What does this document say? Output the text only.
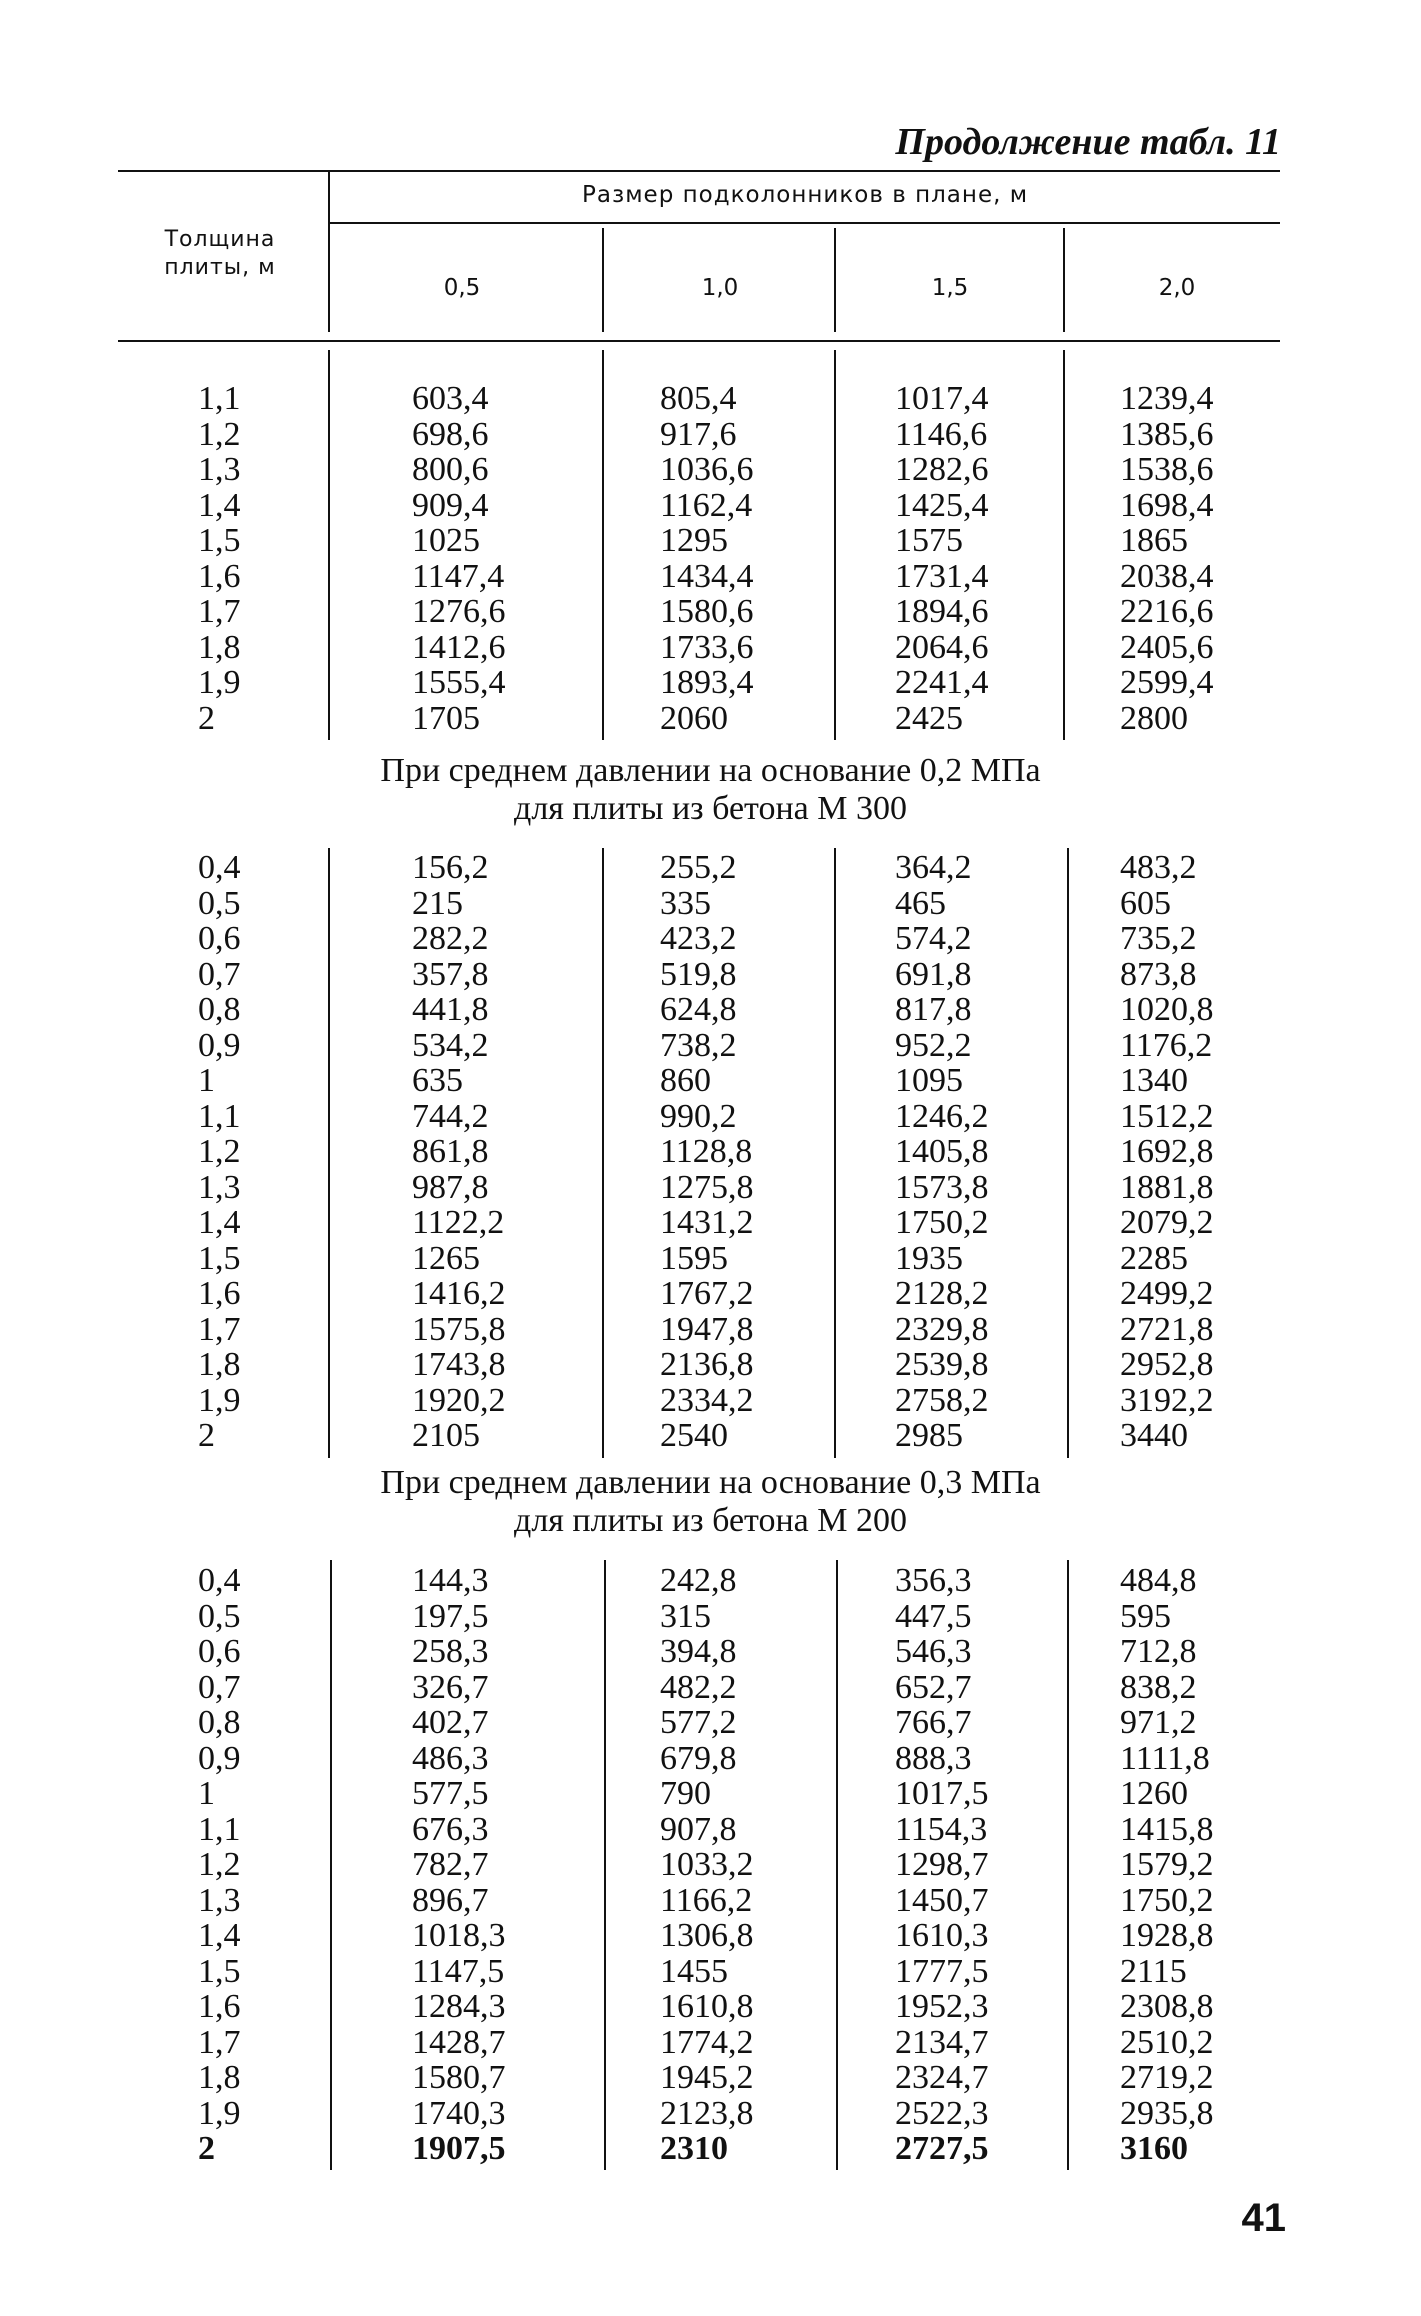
Продолжение табл. 11
Толщина
плиты, м
Размер подколонников в плане, м
0,5	1,0	1,5	2,0
При среднем давлении на основание 0,2 МПа
для плиты из бетона М 300
При среднем давлении на основание 0,3 МПа
для плиты из бетона М 200
1,1	603,4	805,4	1017,4	1239,4
1,2	698,6	917,6	1146,6	1385,6
1,3	800,6	1036,6	1282,6	1538,6
1,4	909,4	1162,4	1425,4	1698,4
1,5	1025	1295	1575	1865
1,6	1147,4	1434,4	1731,4	2038,4
1,7	1276,6	1580,6	1894,6	2216,6
1,8	1412,6	1733,6	2064,6	2405,6
1,9	1555,4	1893,4	2241,4	2599,4
2	1705	2060	2425	2800
0,4	156,2	255,2	364,2	483,2
0,5	215	335	465	605
0,6	282,2	423,2	574,2	735,2
0,7	357,8	519,8	691,8	873,8
0,8	441,8	624,8	817,8	1020,8
0,9	534,2	738,2	952,2	1176,2
1	635	860	1095	1340
1,1	744,2	990,2	1246,2	1512,2
1,2	861,8	1128,8	1405,8	1692,8
1,3	987,8	1275,8	1573,8	1881,8
1,4	1122,2	1431,2	1750,2	2079,2
1,5	1265	1595	1935	2285
1,6	1416,2	1767,2	2128,2	2499,2
1,7	1575,8	1947,8	2329,8	2721,8
1,8	1743,8	2136,8	2539,8	2952,8
1,9	1920,2	2334,2	2758,2	3192,2
2	2105	2540	2985	3440
0,4	144,3	242,8	356,3	484,8
0,5	197,5	315	447,5	595
0,6	258,3	394,8	546,3	712,8
0,7	326,7	482,2	652,7	838,2
0,8	402,7	577,2	766,7	971,2
0,9	486,3	679,8	888,3	1111,8
1	577,5	790	1017,5	1260
1,1	676,3	907,8	1154,3	1415,8
1,2	782,7	1033,2	1298,7	1579,2
1,3	896,7	1166,2	1450,7	1750,2
1,4	1018,3	1306,8	1610,3	1928,8
1,5	1147,5	1455	1777,5	2115
1,6	1284,3	1610,8	1952,3	2308,8
1,7	1428,7	1774,2	2134,7	2510,2
1,8	1580,7	1945,2	2324,7	2719,2
1,9	1740,3	2123,8	2522,3	2935,8
2	1907,5	2310	2727,5	3160
41
